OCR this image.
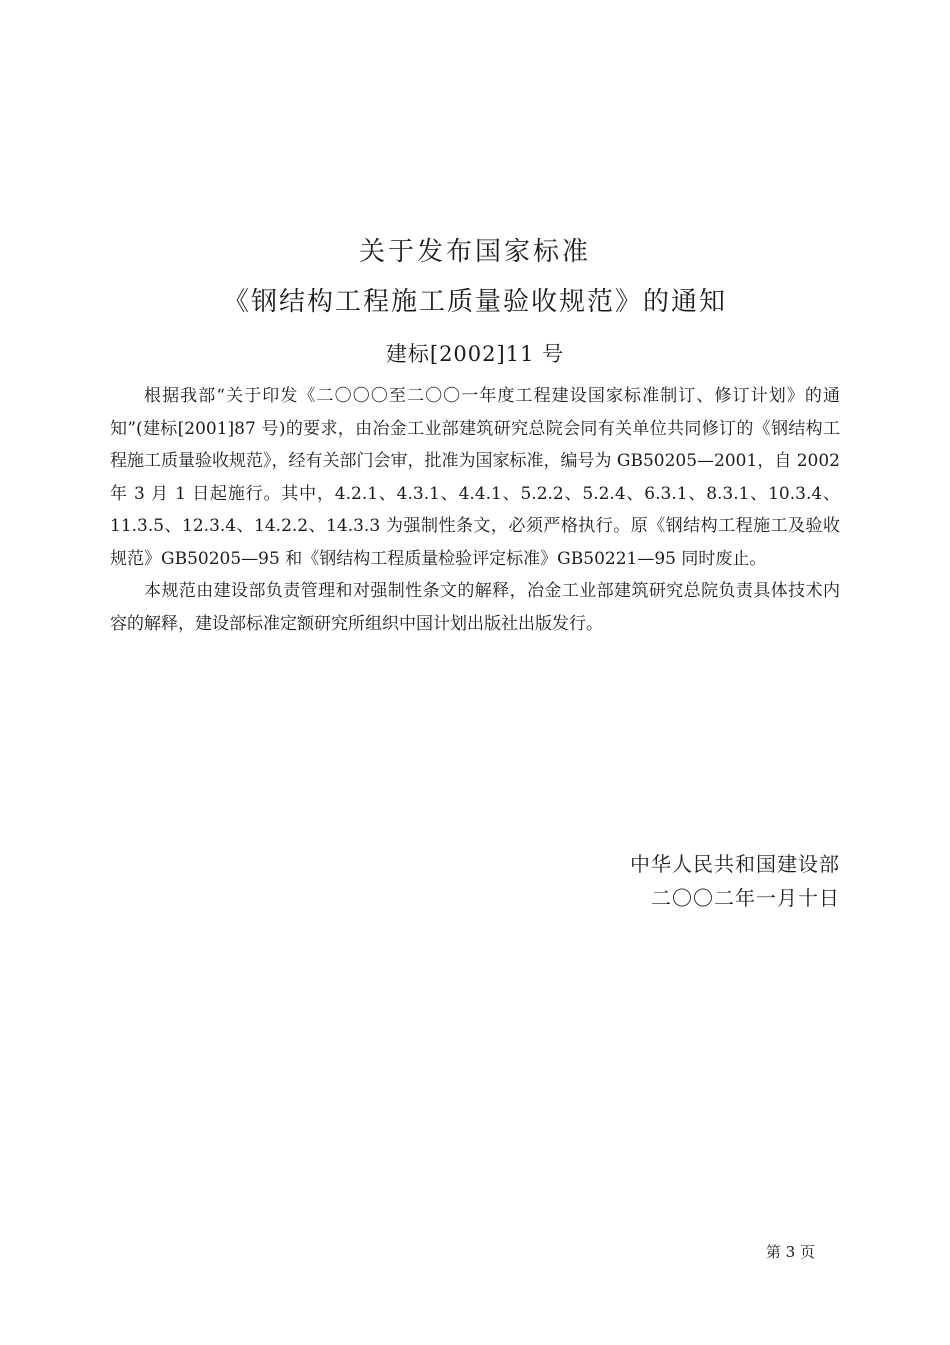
关于发布国家标准
《钢结构工程施工质量验收规范》的通知
建标[2002]11 号

根据我部“关于印发《二〇〇〇至二〇〇一年度工程建设国家标准制订、修订计划》的通知”(建标[2001]87 号)的要求，由冶金工业部建筑研究总院会同有关单位共同修订的《钢结构工程施工质量验收规范》，经有关部门会审，批准为国家标准，编号为 GB50205—2001，自 2002 年 3 月 1 日起施行。其中，4.2.1、4.3.1、4.4.1、5.2.2、5.2.4、6.3.1、8.3.1、10.3.4、11.3.5、12.3.4、14.2.2、14.3.3 为强制性条文，必须严格执行。原《钢结构工程施工及验收规范》GB50205—95 和《钢结构工程质量检验评定标准》GB50221—95 同时废止。

本规范由建设部负责管理和对强制性条文的解释，冶金工业部建筑研究总院负责具体技术内容的解释，建设部标准定额研究所组织中国计划出版社出版发行。

中华人民共和国建设部
二〇〇二年一月十日
第 3 页
